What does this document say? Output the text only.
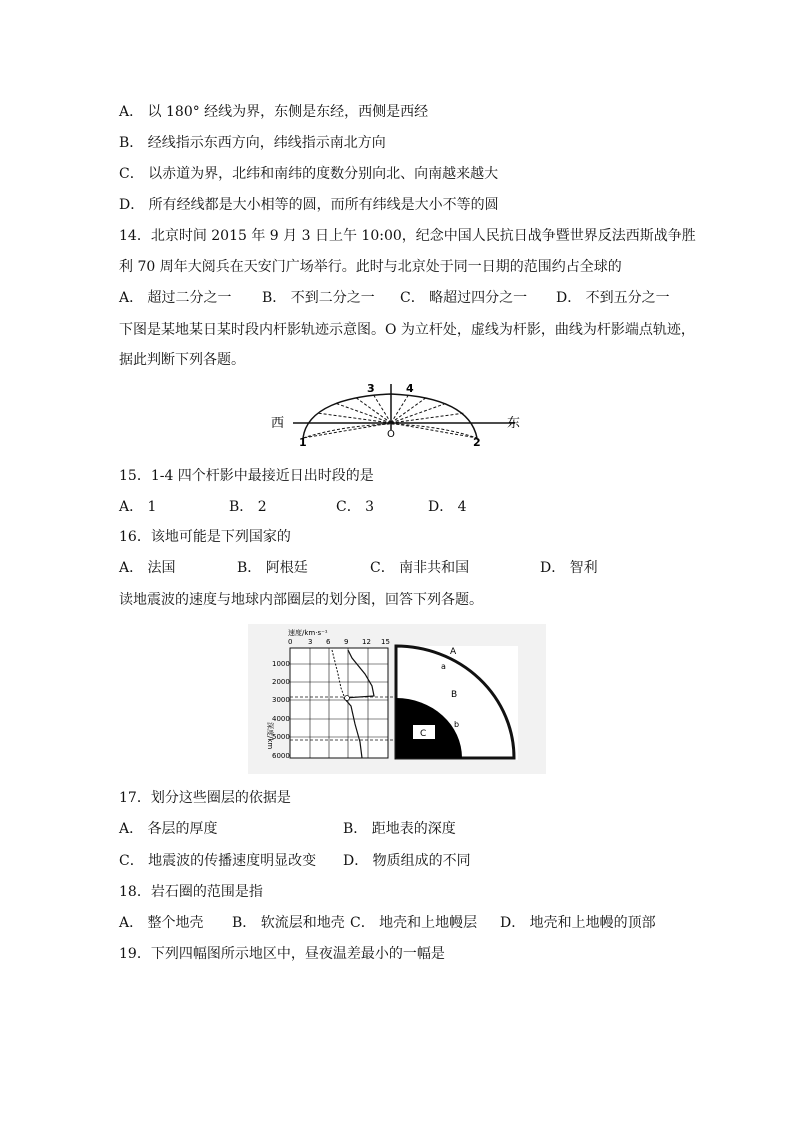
A． 以 180° 经线为界，东侧是东经，西侧是西经
B． 经线指示东西方向，纬线指示南北方向
C． 以赤道为界，北纬和南纬的度数分别向北、向南越来越大
D． 所有经线都是大小相等的圆，而所有纬线是大小不等的圆
14．北京时间 2015 年 9 月 3 日上午 10:00，纪念中国人民抗日战争暨世界反法西斯战争胜
利 70 周年大阅兵在天安门广场举行。此时与北京处于同一日期的范围约占全球的
A． 超过二分之一 B． 不到二分之一 C． 略超过四分之一 D． 不到五分之一
下图是某地某日某时段内杆影轨迹示意图。O 为立杆处，虚线为杆影，曲线为杆影端点轨迹，
据此判断下列各题。
西	东
1	2
3	4
O
15．1-4 四个杆影中最接近日出时段的是
A． 1	B． 2	C． 3	D． 4
16．该地可能是下列国家的
A． 法国	B． 阿根廷	C． 南非共和国	D． 智利
读地震波的速度与地球内部圈层的划分图，回答下列各题。
速度/km·s⁻¹
0 3 6 9 12 15
深度/km
1000
2000
3000
4000
5000
6000
C
A
a
B
b
17．划分这些圈层的依据是
A． 各层的厚度	B． 距地表的深度
C． 地震波的传播速度明显改变 D． 物质组成的不同
18．岩石圈的范围是指
A． 整个地壳 B． 软流层和地壳 C． 地壳和上地幔层 D． 地壳和上地幔的顶部
19．下列四幅图所示地区中，昼夜温差最小的一幅是
